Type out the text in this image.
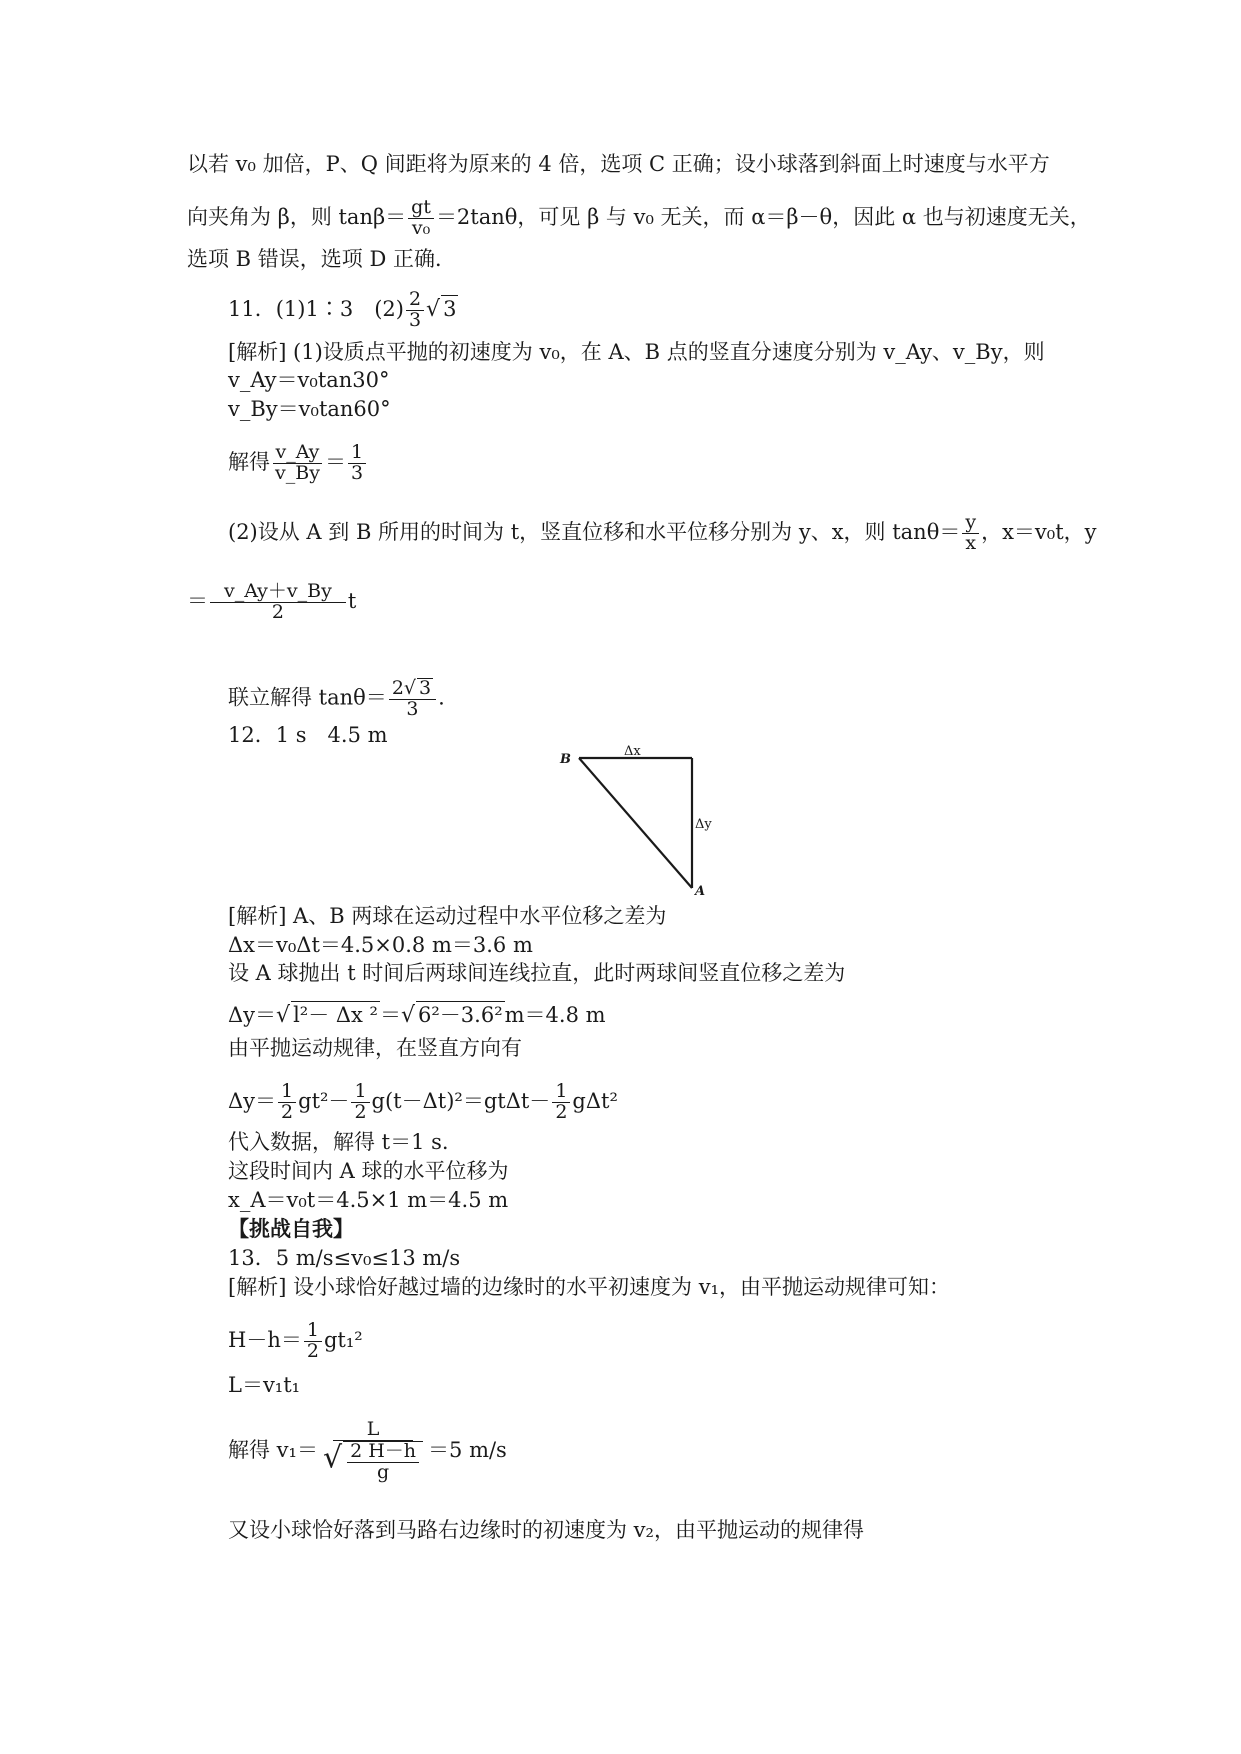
以若 v₀ 加倍，P、Q 间距将为原来的 4 倍，选项 C 正确；设小球落到斜面上时速度与水平方
向夹角为 β，则 $\tan\beta= \frac{gt}{\text{v₀}} =2\tan\theta$，可见 β 与 v₀ 无关，而 α＝β－θ，因此 α 也与初速度无关，
选项 B 错误，选项 D 正确．
11．(1)1∶3　$(2) \frac{2}{3}$ √ 3
[解析] (1)设质点平抛的初速度为 v₀，在 A、B 点的竖直分速度分别为 v_Ay、v_By，则
v_Ay＝v₀tan30°
v_By＝v₀tan60°
解得 $\frac{v\_Ay}{v\_By} = \frac{1}{3}$
(2)设从 A 到 B 所用的时间为 t，竖直位移和水平位移分别为 y、x，则 $\tan\theta= \frac{y}{x}$ ，x＝v₀t，y
＝ $\frac{v\_Ay+v\_By}{2}$ t
联立解得 $\tan\theta= \frac{2√ 3}{3}$ .
12．1 s　4.5 m
B
A
Δx
Δy
[解析] A、B 两球在运动过程中水平位移之差为
Δx＝v₀Δt＝4.5×0.8 m＝3.6 m
设 A 球抛出 t 时间后两球间连线拉直，此时两球间竖直位移之差为
Δy＝√ l²－ Δx ²＝√ 6²－3.6²m＝4.8 m
由平抛运动规律，在竖直方向有
$\Delta y= \frac{1}{2} gt^2- \frac{1}{2} g(t-\Delta t)^2=gt\Delta t- \frac{1}{2} g\Delta t^2$
代入数据，解得 t＝1 s.
这段时间内 A 球的水平位移为
x_A＝v₀t＝4.5×1 m＝4.5 m
【挑战自我】
13．5 m/s≤v₀≤13 m/s
[解析] 设小球恰好越过墙的边缘时的水平初速度为 v₁，由平抛运动规律可知：
$H-h= \frac{1}{2} gt_1^2$
L＝v₁t₁
解得 $v_1= \frac{L}{√ \frac{2 H-h}{g}} =5$ m/s
又设小球恰好落到马路右边缘时的初速度为 v₂，由平抛运动的规律得
